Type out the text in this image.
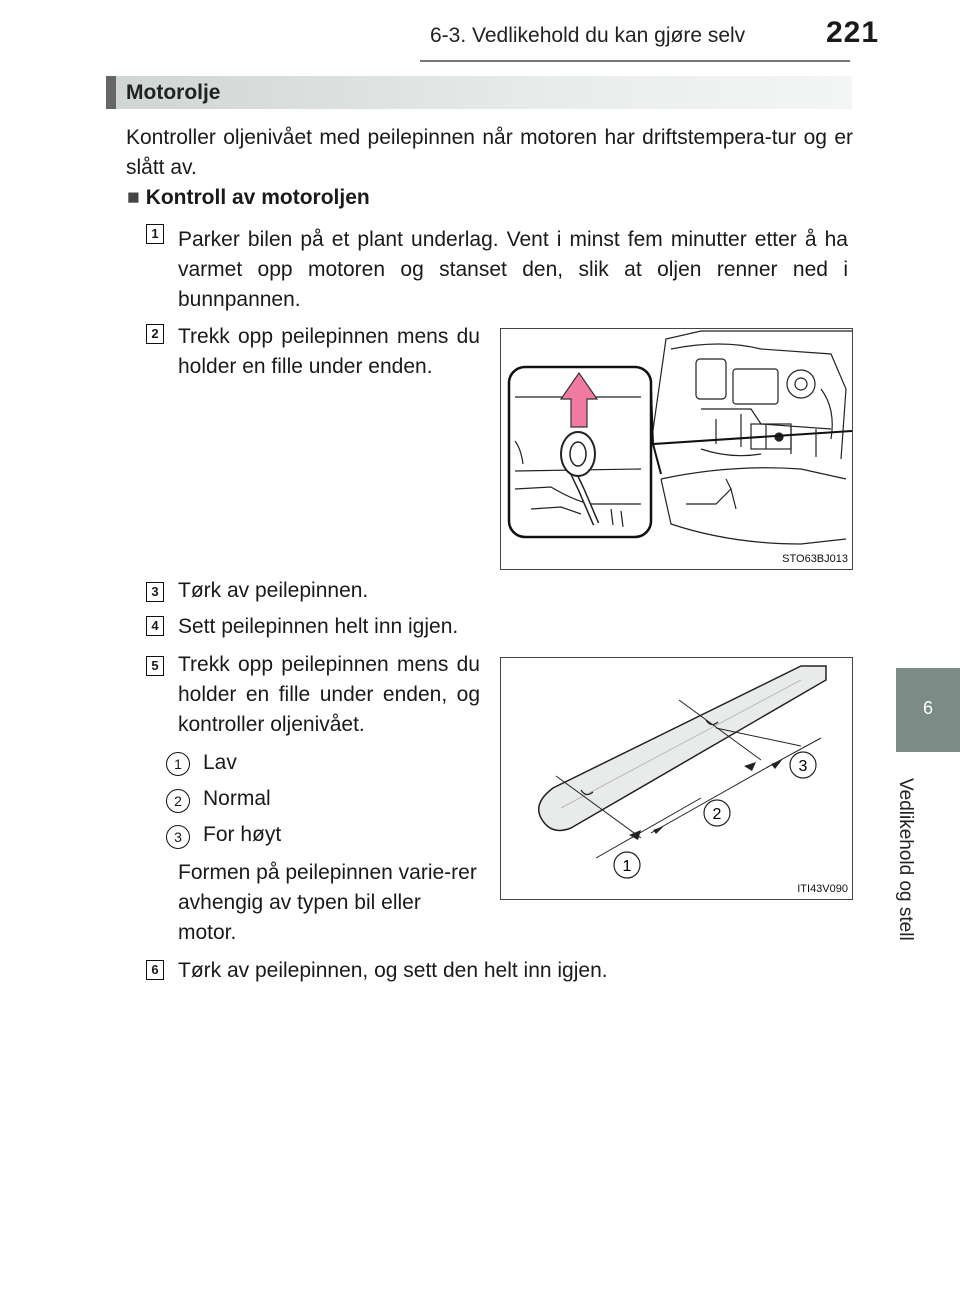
6-3. Vedlikehold du kan gjøre selv	221
6
Vedlikehold og stell
Motorolje
Kontroller oljenivået med peilepinnen når motoren har driftstempera-tur og er slått av.
■ Kontroll av motoroljen
1 Parker bilen på et plant underlag. Vent i minst fem minutter etter å ha varmet opp motoren og stanset den, slik at oljen renner ned i bunnpannen.
2 Trekk opp peilepinnen mens du holder en fille under enden.
STO63BJ013
3 Tørk av peilepinnen.
4 Sett peilepinnen helt inn igjen.
5 Trekk opp peilepinnen mens du holder en fille under enden, og kontroller oljenivået.
1	Lav
2	Normal
3	For høyt
Formen på peilepinnen varie-rer avhengig av typen bil eller motor.
1
2
3
ITI43V090
6 Tørk av peilepinnen, og sett den helt inn igjen.
